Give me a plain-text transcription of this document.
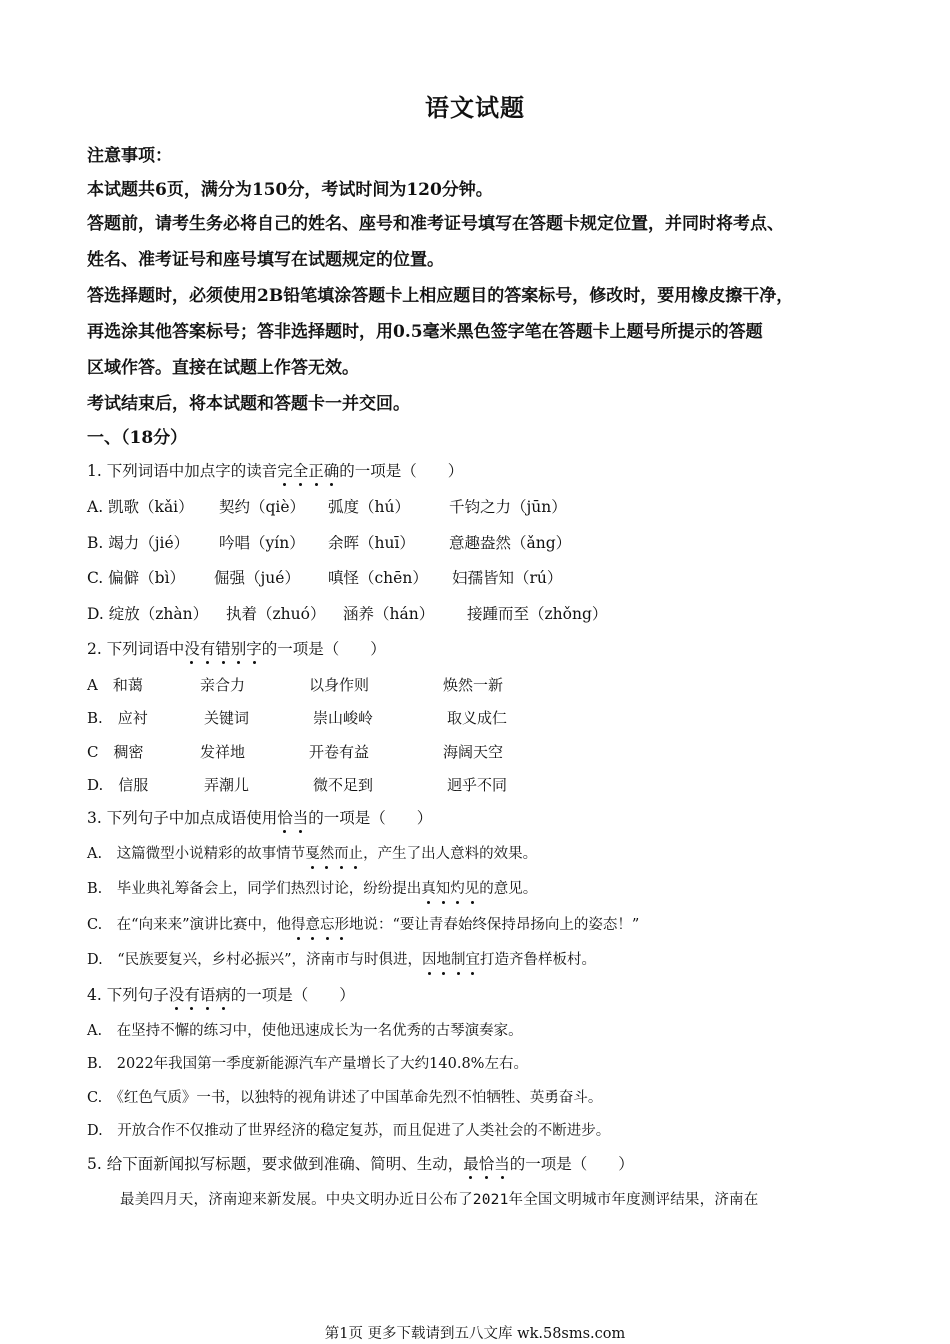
语文试题
注意事项：
本试题共6页，满分为150分，考试时间为120分钟。
答题前，请考生务必将自己的姓名、座号和准考证号填写在答题卡规定位置，并同时将考点、
姓名、准考证号和座号填写在试题规定的位置。
答选择题时，必须使用2B铅笔填涂答题卡上相应题目的答案标号，修改时，要用橡皮擦干净，
再选涂其他答案标号；答非选择题时，用0.5毫米黑色签字笔在答题卡上题号所提示的答题
区域作答。直接在试题上作答无效。
考试结束后，将本试题和答题卡一并交回。
一、（18分）
1. 下列词语中加点字的读音完全正确的一项是（　　）
A. 凯歌（kǎi） 契约（qiè） 弧度（hú）	千钧之力（jūn）
B. 竭力（jié） 吟唱（yín） 余晖（huī） 意趣盎然（ǎng）
C. 偏僻（bì） 倔强（jué） 嗔怪（chēn） 妇孺皆知（rú）
D. 绽放（zhàn） 执着（zhuó） 涵养（hán） 接踵而至（zhǒng）
2. 下列词语中没有错别字的一项是（　　）
A　和蔼	亲合力	以身作则	焕然一新
B.　应衬	关键词	崇山峻岭	取义成仁
C　稠密	发祥地	开卷有益	海阔天空
D.　信服	弄潮儿	微不足到	迥乎不同
3. 下列句子中加点成语使用恰当的一项是（　　）
A.　这篇微型小说精彩的故事情节戛然而止，产生了出人意料的效果。
B.　毕业典礼筹备会上，同学们热烈讨论，纷纷提出真知灼见的意见。
C.　在“向来来”演讲比赛中，他得意忘形地说：“要让青春始终保持昂扬向上的姿态！”
D.　“民族要复兴，乡村必振兴”，济南市与时俱进，因地制宜打造齐鲁样板村。
4. 下列句子没有语病的一项是（　　）
A.　在坚持不懈的练习中，使他迅速成长为一名优秀的古琴演奏家。
B.　2022年我国第一季度新能源汽车产量增长了大约140.8%左右。
C.　《红色气质》一书，以独特的视角讲述了中国革命先烈不怕牺牲、英勇奋斗。
D.　开放合作不仅推动了世界经济的稳定复苏，而且促进了人类社会的不断进步。
5. 给下面新闻拟写标题，要求做到准确、简明、生动，最恰当的一项是（　　）
最美四月天，济南迎来新发展。中央文明办近日公布了2021年全国文明城市年度测评结果，济南在
第1页 更多下载请到五八文库 wk.58sms.com
